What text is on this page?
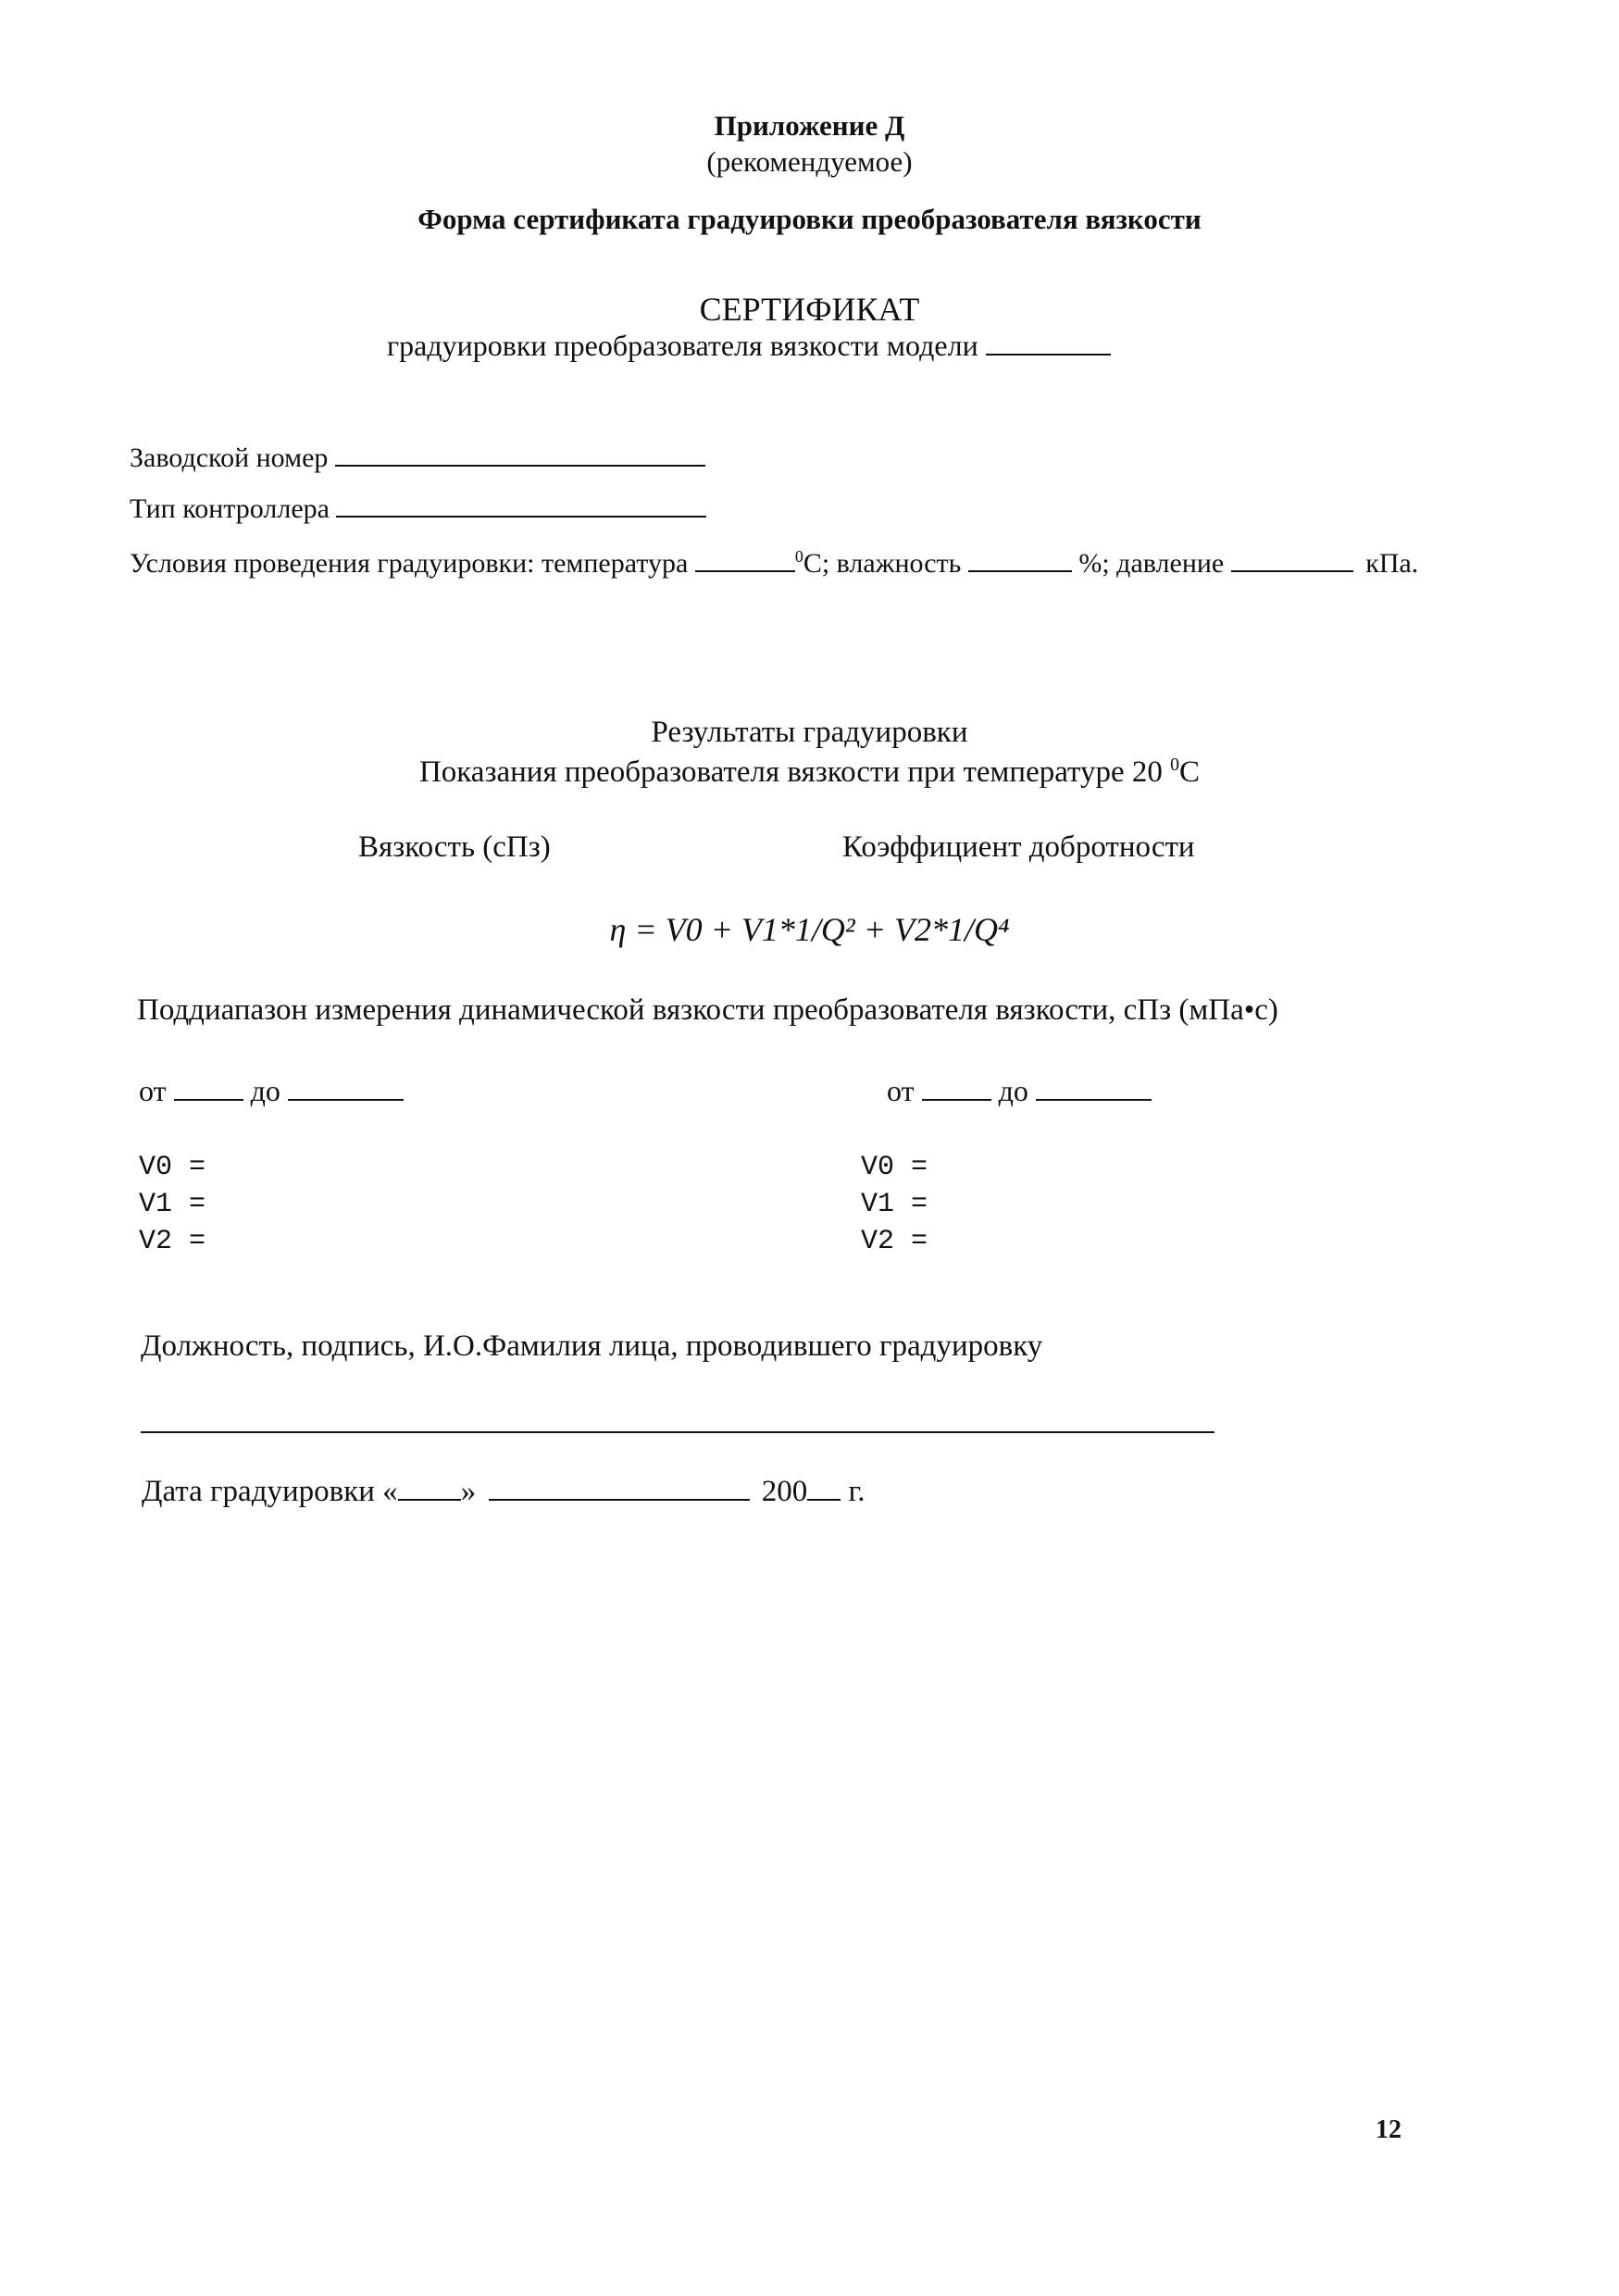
Приложение Д
(рекомендуемое)
Форма сертификата градуировки преобразователя вязкости
СЕРТИФИКАТ
градуировки преобразователя вязкости модели
Заводской номер
Тип контроллера
Условия проведения градуировки: температура	$^0$С; влажность	%; давление	кПа.
Результаты градуировки
Показания преобразователя вязкости при температуре 20 $^0$С
Вязкость (сПз)	Коэффициент добротности
η = V0 + V1*1/Q² + V2*1/Q⁴
Поддиапазон измерения динамической вязкости преобразователя вязкости, сПз (мПа•с)
от	до	от	до
V0 =
V1 =
V2 =
V0 =
V1 =
V2 =
Должность, подпись, И.О.Фамилия лица, проводившего градуировку
Дата градуировки « »	200 г.
12
